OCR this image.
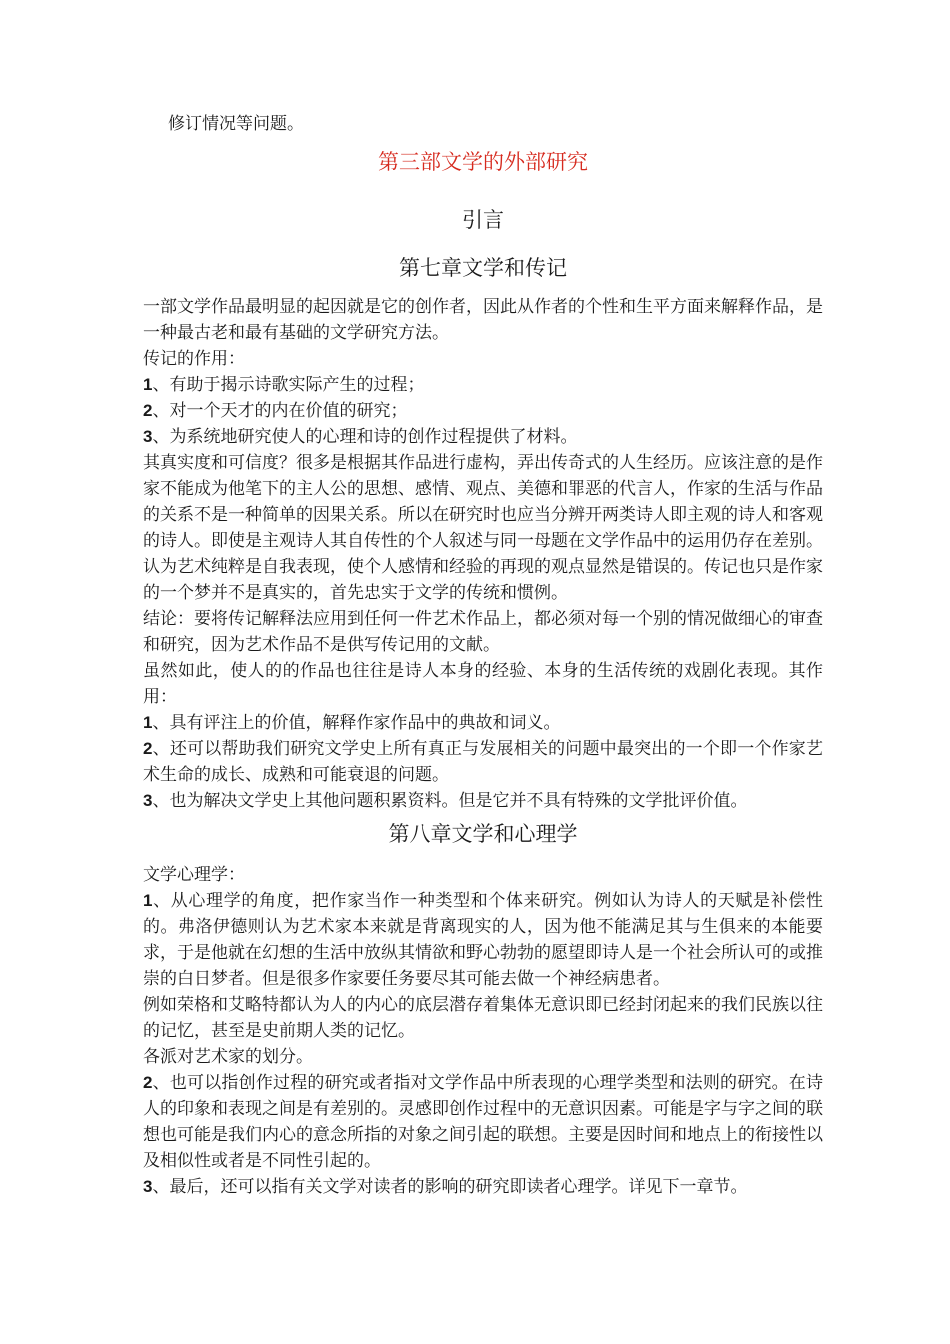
修订情况等问题。

第三部文学的外部研究

引言

第七章文学和传记

一部文学作品最明显的起因就是它的创作者，因此从作者的个性和生平方面来解释作品，是一种最古老和最有基础的文学研究方法。

传记的作用：

1、有助于揭示诗歌实际产生的过程；

2、对一个天才的内在价值的研究；

3、为系统地研究使人的心理和诗的创作过程提供了材料。

其真实度和可信度？很多是根据其作品进行虚构，弄出传奇式的人生经历。应该注意的是作家不能成为他笔下的主人公的思想、感情、观点、美德和罪恶的代言人，作家的生活与作品的关系不是一种简单的因果关系。所以在研究时也应当分辨开两类诗人即主观的诗人和客观的诗人。即使是主观诗人其自传性的个人叙述与同一母题在文学作品中的运用仍存在差别。

认为艺术纯粹是自我表现，使个人感情和经验的再现的观点显然是错误的。传记也只是作家的一个梦并不是真实的，首先忠实于文学的传统和惯例。

结论：要将传记解释法应用到任何一件艺术作品上，都必须对每一个别的情况做细心的审查和研究，因为艺术作品不是供写传记用的文献。

虽然如此，使人的的作品也往往是诗人本身的经验、本身的生活传统的戏剧化表现。其作用：

1、具有评注上的价值，解释作家作品中的典故和词义。

2、还可以帮助我们研究文学史上所有真正与发展相关的问题中最突出的一个即一个作家艺术生命的成长、成熟和可能衰退的问题。

3、也为解决文学史上其他问题积累资料。但是它并不具有特殊的文学批评价值。

第八章文学和心理学

文学心理学：

1、从心理学的角度，把作家当作一种类型和个体来研究。例如认为诗人的天赋是补偿性的。弗洛伊德则认为艺术家本来就是背离现实的人，因为他不能满足其与生俱来的本能要求，于是他就在幻想的生活中放纵其情欲和野心勃勃的愿望即诗人是一个社会所认可的或推崇的白日梦者。但是很多作家要任务要尽其可能去做一个神经病患者。

例如荣格和艾略特都认为人的内心的底层潜存着集体无意识即已经封闭起来的我们民族以往的记忆，甚至是史前期人类的记忆。

各派对艺术家的划分。

2、也可以指创作过程的研究或者指对文学作品中所表现的心理学类型和法则的研究。在诗人的印象和表现之间是有差别的。灵感即创作过程中的无意识因素。可能是字与字之间的联想也可能是我们内心的意念所指的对象之间引起的联想。主要是因时间和地点上的衔接性以及相似性或者是不同性引起的。

3、最后，还可以指有关文学对读者的影响的研究即读者心理学。详见下一章节。
